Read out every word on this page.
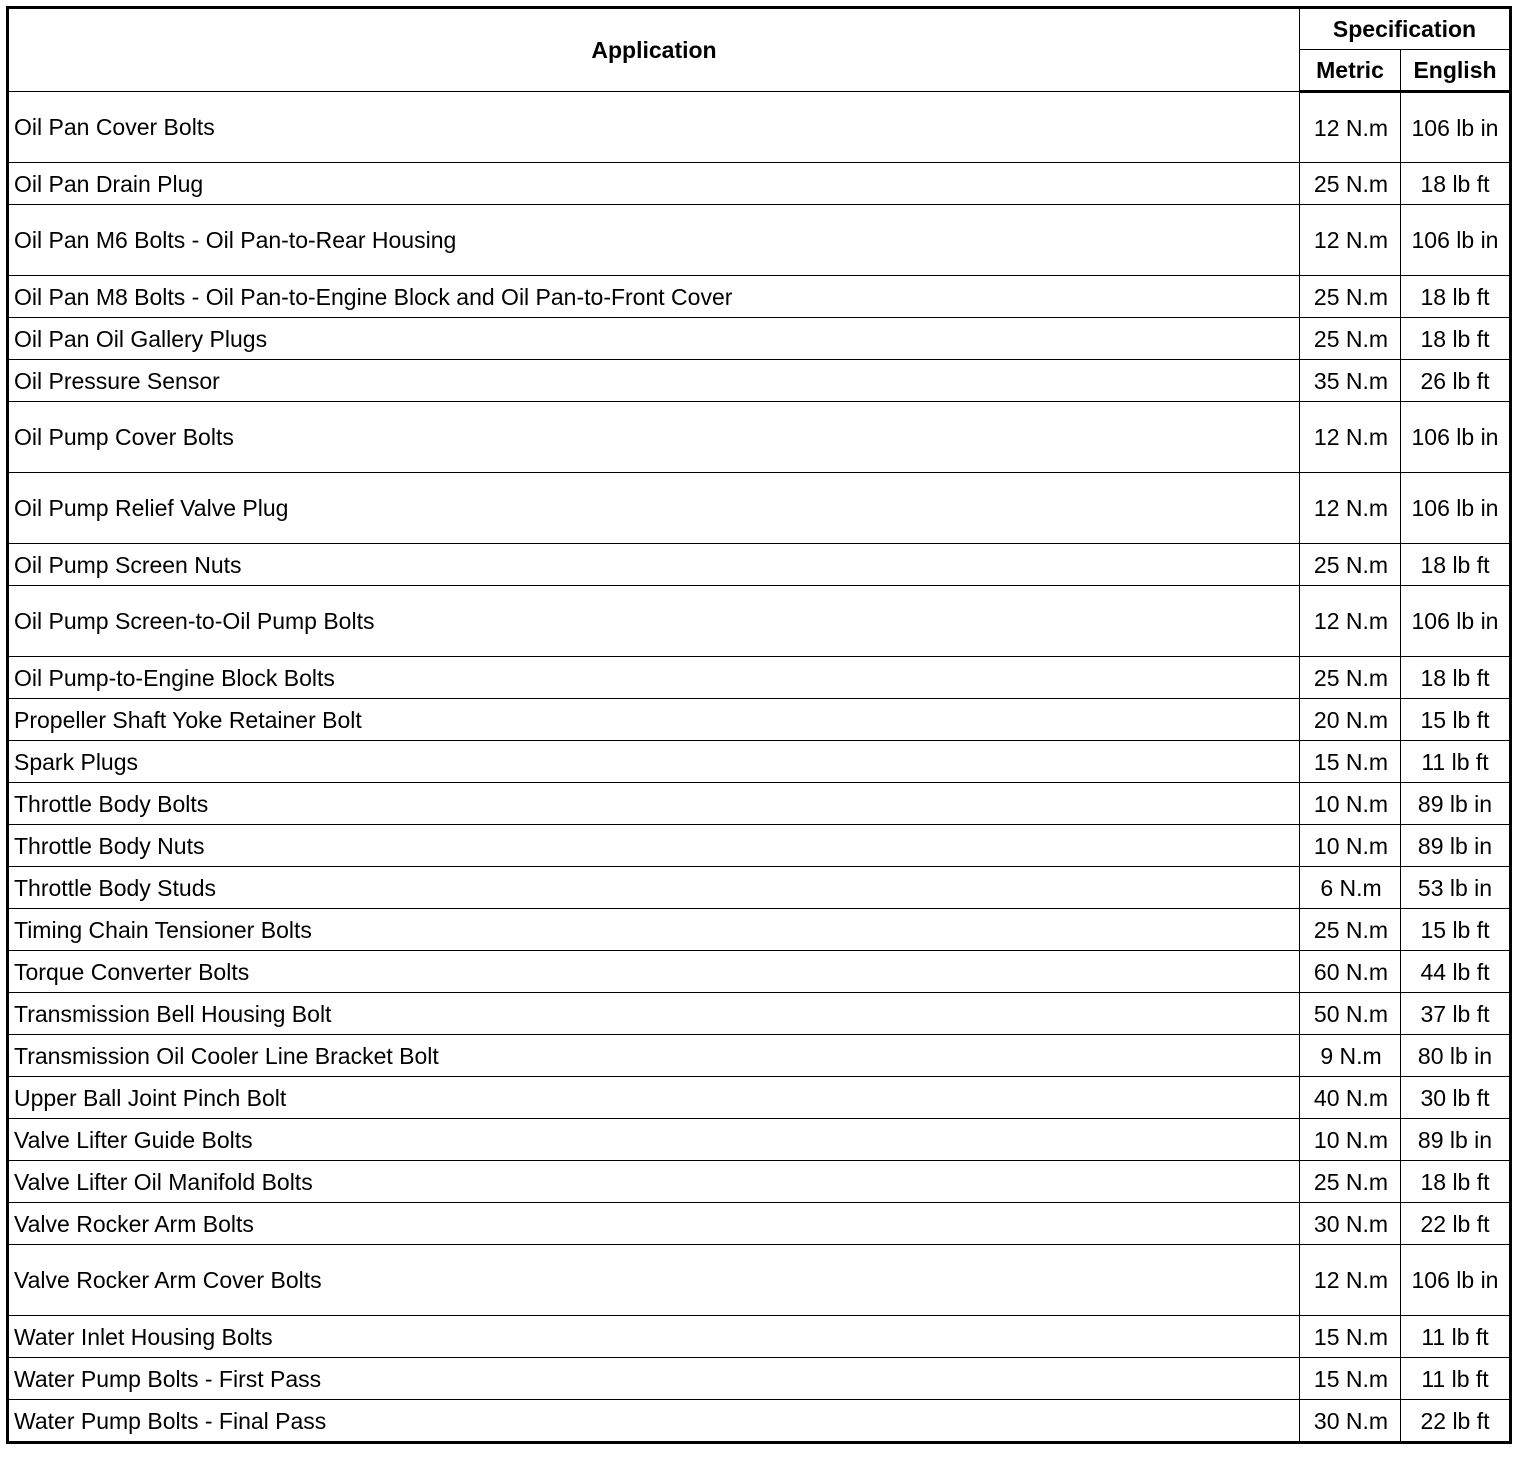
Application	Specification	
	Metric	English
Oil Pan Cover Bolts	12 N.m	106 lb in
Oil Pan Drain Plug	25 N.m	18 lb ft
Oil Pan M6 Bolts - Oil Pan-to-Rear Housing	12 N.m	106 lb in
Oil Pan M8 Bolts - Oil Pan-to-Engine Block and Oil Pan-to-Front Cover	25 N.m	18 lb ft
Oil Pan Oil Gallery Plugs	25 N.m	18 lb ft
Oil Pressure Sensor	35 N.m	26 lb ft
Oil Pump Cover Bolts	12 N.m	106 lb in
Oil Pump Relief Valve Plug	12 N.m	106 lb in
Oil Pump Screen Nuts	25 N.m	18 lb ft
Oil Pump Screen-to-Oil Pump Bolts	12 N.m	106 lb in
Oil Pump-to-Engine Block Bolts	25 N.m	18 lb ft
Propeller Shaft Yoke Retainer Bolt	20 N.m	15 lb ft
Spark Plugs	15 N.m	11 lb ft
Throttle Body Bolts	10 N.m	89 lb in
Throttle Body Nuts	10 N.m	89 lb in
Throttle Body Studs	6 N.m	53 lb in
Timing Chain Tensioner Bolts	25 N.m	15 lb ft
Torque Converter Bolts	60 N.m	44 lb ft
Transmission Bell Housing Bolt	50 N.m	37 lb ft
Transmission Oil Cooler Line Bracket Bolt	9 N.m	80 lb in
Upper Ball Joint Pinch Bolt	40 N.m	30 lb ft
Valve Lifter Guide Bolts	10 N.m	89 lb in
Valve Lifter Oil Manifold Bolts	25 N.m	18 lb ft
Valve Rocker Arm Bolts	30 N.m	22 lb ft
Valve Rocker Arm Cover Bolts	12 N.m	106 lb in
Water Inlet Housing Bolts	15 N.m	11 lb ft
Water Pump Bolts - First Pass	15 N.m	11 lb ft
Water Pump Bolts - Final Pass	30 N.m	22 lb ft
